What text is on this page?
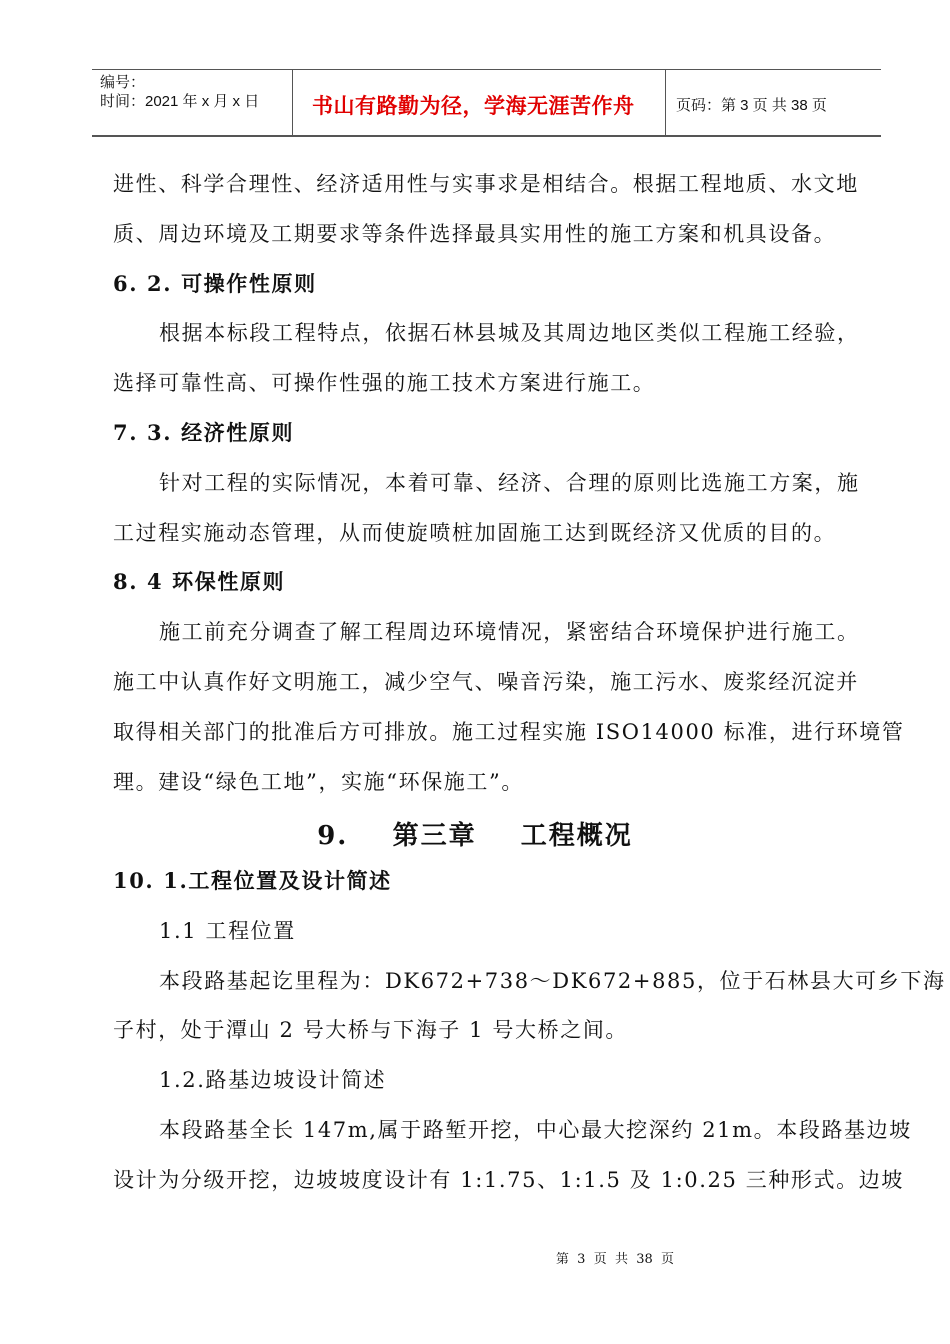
编号：
时间：2021 年 x 月 x 日	书山有路勤为径，学海无涯苦作舟	页码：第 3 页 共 38 页
进性、科学合理性、经济适用性与实事求是相结合。根据工程地质、水文地
质、周边环境及工期要求等条件选择最具实用性的施工方案和机具设备。
6. 2. 可操作性原则
根据本标段工程特点，依据石林县城及其周边地区类似工程施工经验，
选择可靠性高、可操作性强的施工技术方案进行施工。
7. 3. 经济性原则
针对工程的实际情况，本着可靠、经济、合理的原则比选施工方案，施
工过程实施动态管理，从而使旋喷桩加固施工达到既经济又优质的目的。
8. 4 环保性原则
施工前充分调查了解工程周边环境情况，紧密结合环境保护进行施工。
施工中认真作好文明施工，减少空气、噪音污染，施工污水、废浆经沉淀并
取得相关部门的批准后方可排放。施工过程实施 ISO14000 标准，进行环境管
理。建设“绿色工地”，实施“环保施工”。
9.    第三章    工程概况
10. 1.工程位置及设计简述
1.1 工程位置
本段路基起讫里程为：DK672+738～DK672+885，位于石林县大可乡下海
子村，处于潭山 2 号大桥与下海子 1 号大桥之间。
1.2.路基边坡设计简述
本段路基全长 147m,属于路堑开挖，中心最大挖深约 21m。本段路基边坡
设计为分级开挖，边坡坡度设计有 1:1.75、1:1.5 及 1:0.25 三种形式。边坡
第  3  页  共  38  页
